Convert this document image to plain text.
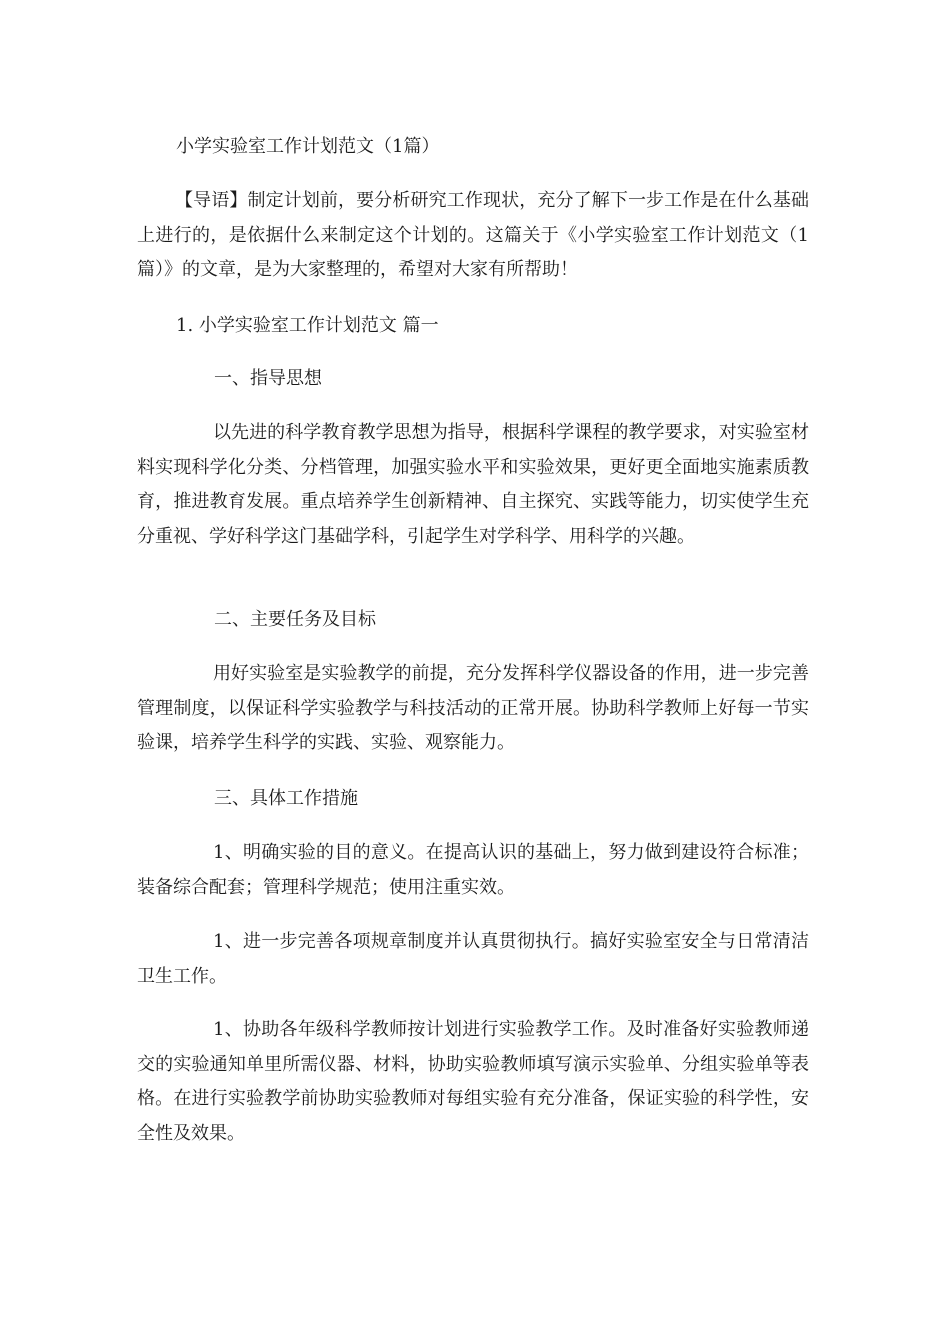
小学实验室工作计划范文（1篇）

【导语】制定计划前，要分析研究工作现状，充分了解下一步工作是在什么基础上进行的，是依据什么来制定这个计划的。这篇关于《小学实验室工作计划范文（1篇）》的文章，是为大家整理的，希望对大家有所帮助！

1. 小学实验室工作计划范文 篇一
一、指导思想

以先进的科学教育教学思想为指导，根据科学课程的教学要求，对实验室材料实现科学化分类、分档管理，加强实验水平和实验效果，更好更全面地实施素质教育，推进教育发展。重点培养学生创新精神、自主探究、实践等能力，切实使学生充分重视、学好科学这门基础学科，引起学生对学科学、用科学的兴趣。

二、主要任务及目标

用好实验室是实验教学的前提，充分发挥科学仪器设备的作用，进一步完善管理制度，以保证科学实验教学与科技活动的正常开展。协助科学教师上好每一节实验课，培养学生科学的实践、实验、观察能力。

三、具体工作措施

1、明确实验的目的意义。在提高认识的基础上，努力做到建设符合标准；装备综合配套；管理科学规范；使用注重实效。

1、进一步完善各项规章制度并认真贯彻执行。搞好实验室安全与日常清洁卫生工作。

1、协助各年级科学教师按计划进行实验教学工作。及时准备好实验教师递交的实验通知单里所需仪器、材料，协助实验教师填写演示实验单、分组实验单等表格。在进行实验教学前协助实验教师对每组实验有充分准备，保证实验的科学性，安全性及效果。
